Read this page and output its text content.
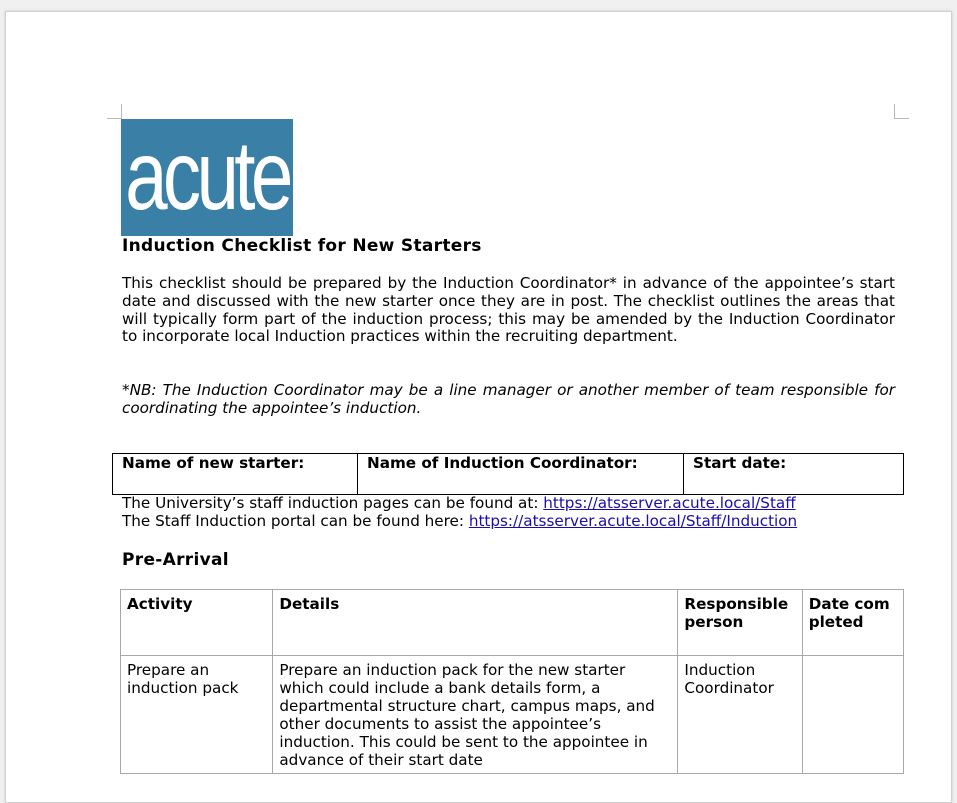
acute
Induction Checklist for New Starters
This checklist should be prepared by the Induction Coordinator* in advance of the appointee’s start date and discussed with the new starter once they are in post. The checklist outlines the areas that will typically form part of the induction process; this may be amended by the Induction Coordinator to incorporate local Induction practices within the recruiting department.
*NB: The Induction Coordinator may be a line manager or another member of team responsible for coordinating the appointee’s induction.
Name of new starter:	Name of Induction Coordinator:	Start date:
The University’s staff induction pages can be found at: https://atsserver.acute.local/Staff
The Staff Induction portal can be found here: https://atsserver.acute.local/Staff/Induction
Pre-Arrival
Activity	Details	Responsible person	Date completed
Prepare an induction pack	Prepare an induction pack for the new starter which could include a bank details form, a departmental structure chart, campus maps, and other documents to assist the appointee’s induction. This could be sent to the appointee in advance of their start date	Induction Coordinator	
